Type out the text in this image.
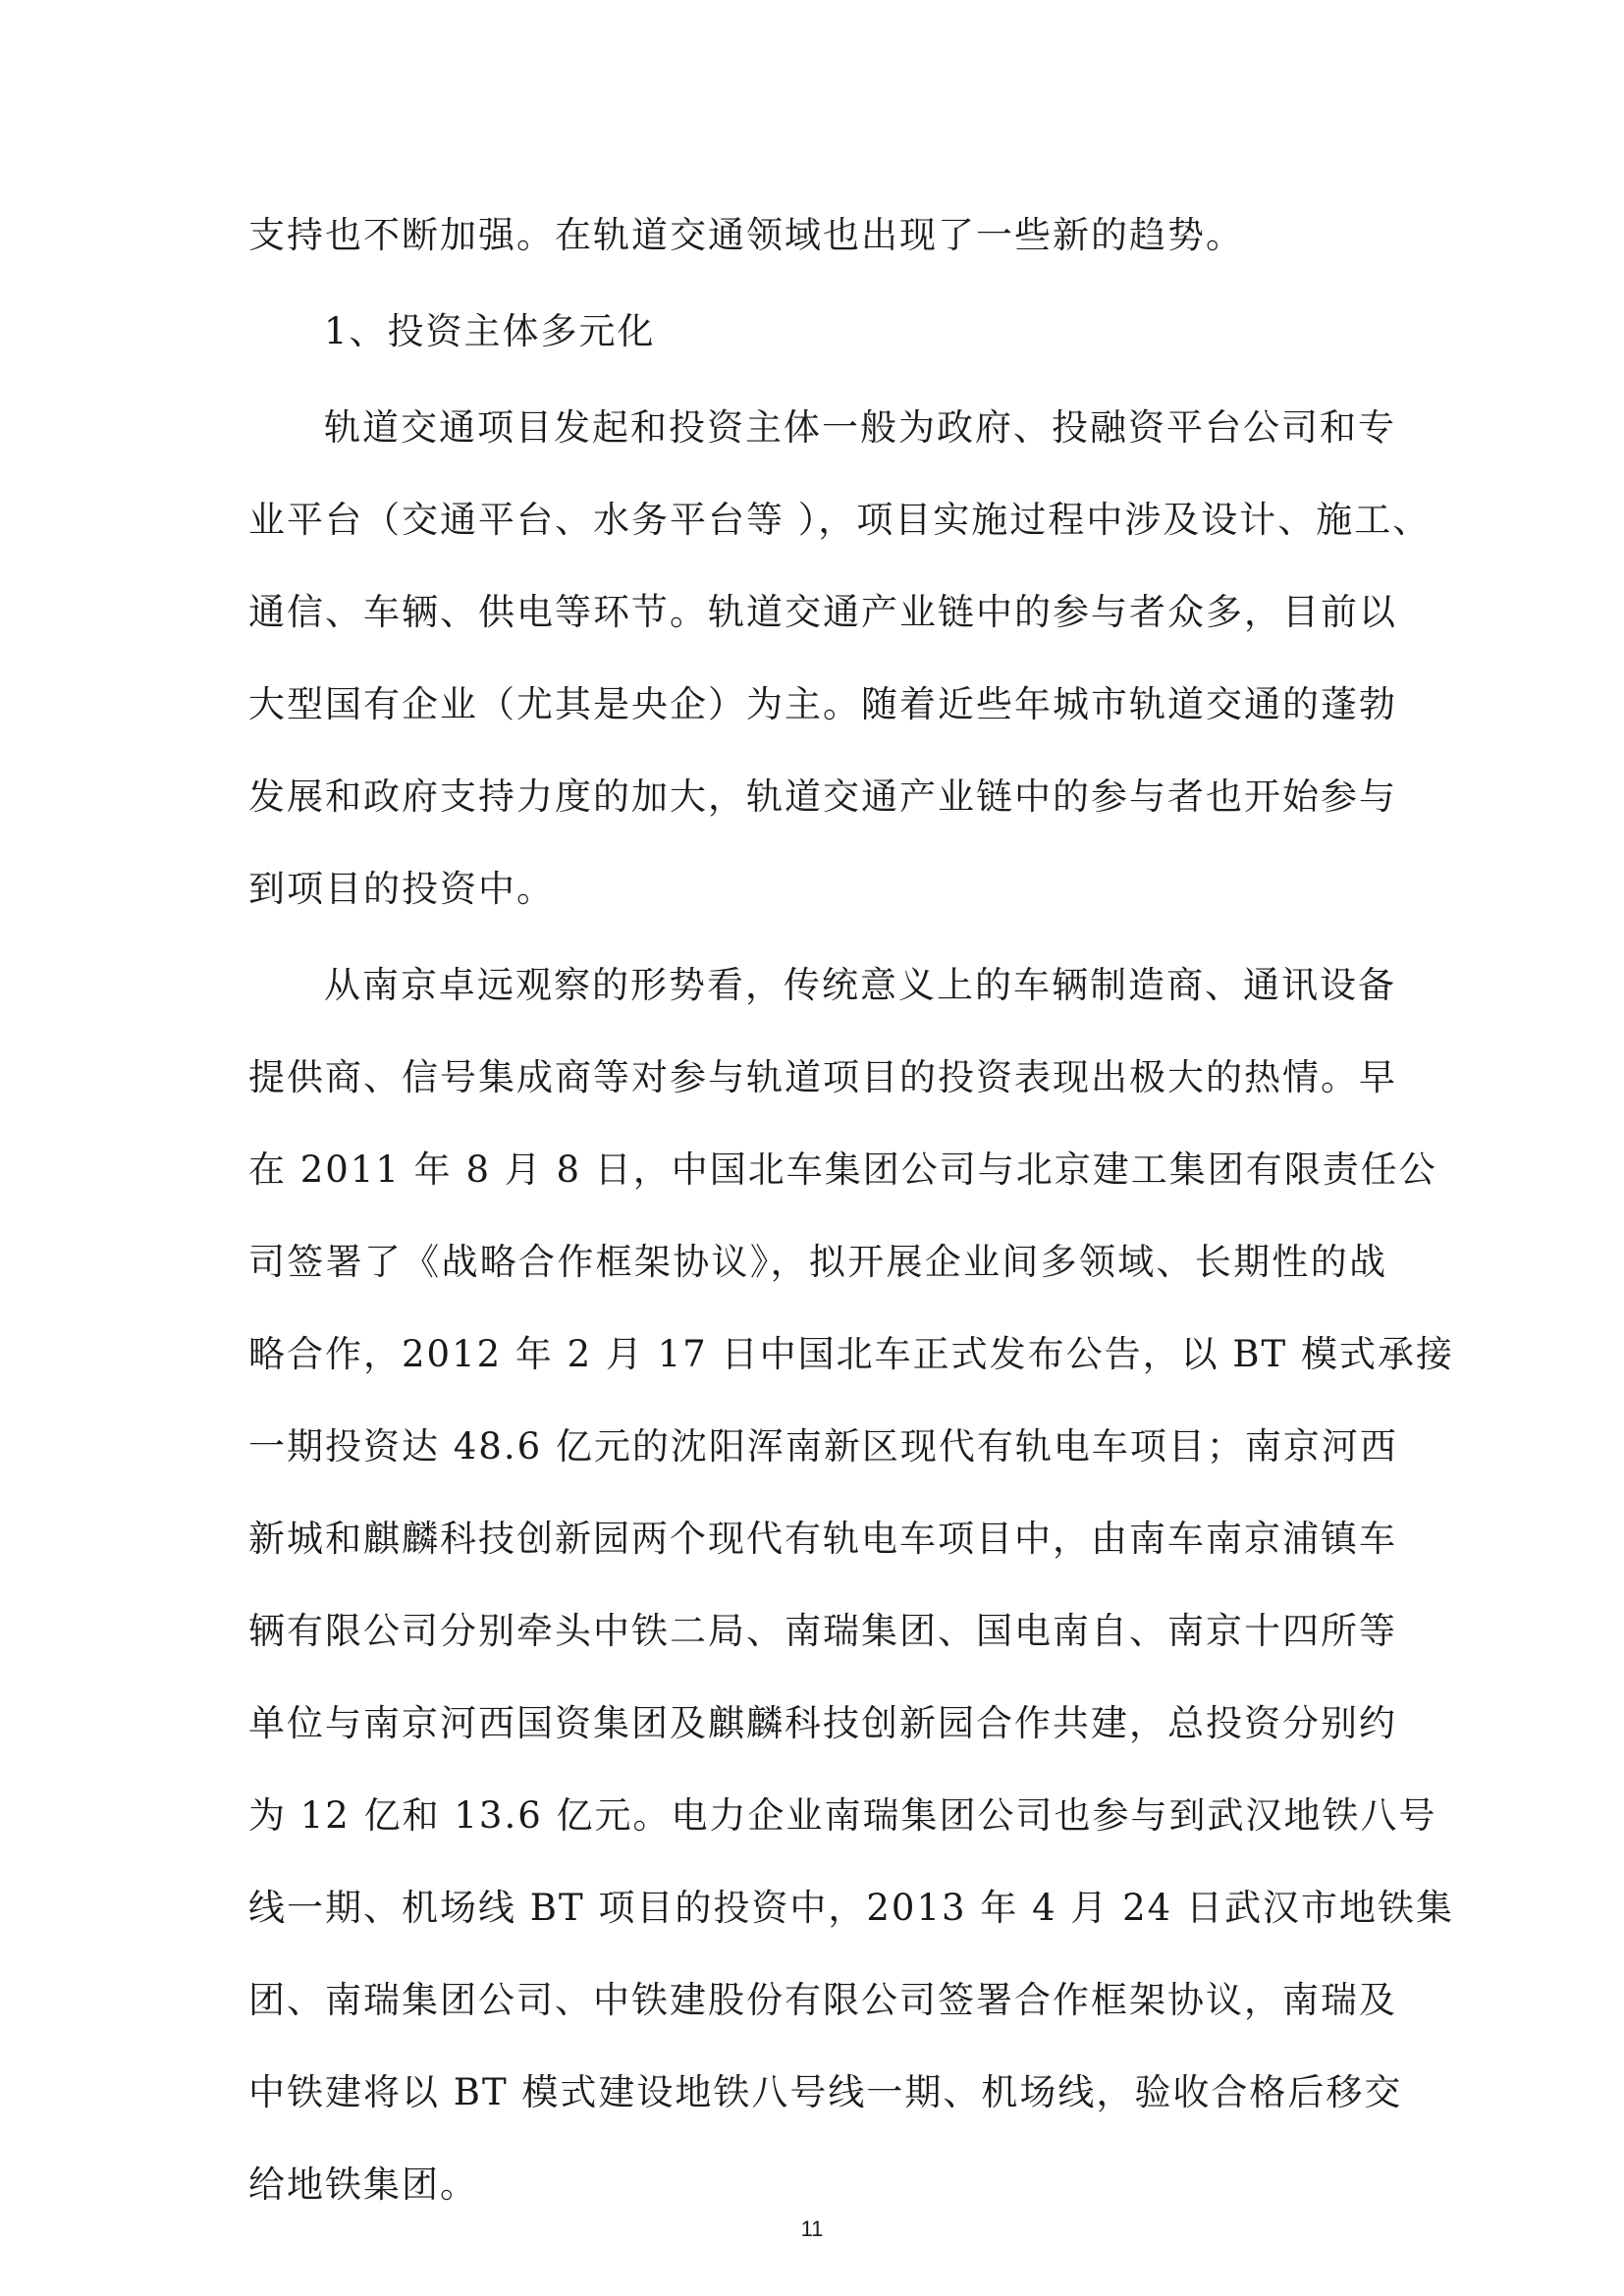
支持也不断加强。在轨道交通领域也出现了一些新的趋势。
1、投资主体多元化
轨道交通项目发起和投资主体一般为政府、投融资平台公司和专
业平台（交通平台、水务平台等 ），项目实施过程中涉及设计、施工、
通信、车辆、供电等环节。轨道交通产业链中的参与者众多，目前以
大型国有企业（尤其是央企）为主。随着近些年城市轨道交通的蓬勃
发展和政府支持力度的加大，轨道交通产业链中的参与者也开始参与
到项目的投资中。
从南京卓远观察的形势看，传统意义上的车辆制造商、通讯设备
提供商、信号集成商等对参与轨道项目的投资表现出极大的热情。早
在 2011 年 8 月 8 日，中国北车集团公司与北京建工集团有限责任公
司签署了《战略合作框架协议》，拟开展企业间多领域、长期性的战
略合作，2012 年 2 月 17 日中国北车正式发布公告，以 BT 模式承接
一期投资达 48.6 亿元的沈阳浑南新区现代有轨电车项目；南京河西
新城和麒麟科技创新园两个现代有轨电车项目中，由南车南京浦镇车
辆有限公司分别牵头中铁二局、南瑞集团、国电南自、南京十四所等
单位与南京河西国资集团及麒麟科技创新园合作共建，总投资分别约
为 12 亿和 13.6 亿元。电力企业南瑞集团公司也参与到武汉地铁八号
线一期、机场线 BT 项目的投资中，2013 年 4 月 24 日武汉市地铁集
团、南瑞集团公司、中铁建股份有限公司签署合作框架协议，南瑞及
中铁建将以 BT 模式建设地铁八号线一期、机场线，验收合格后移交
给地铁集团。
11
